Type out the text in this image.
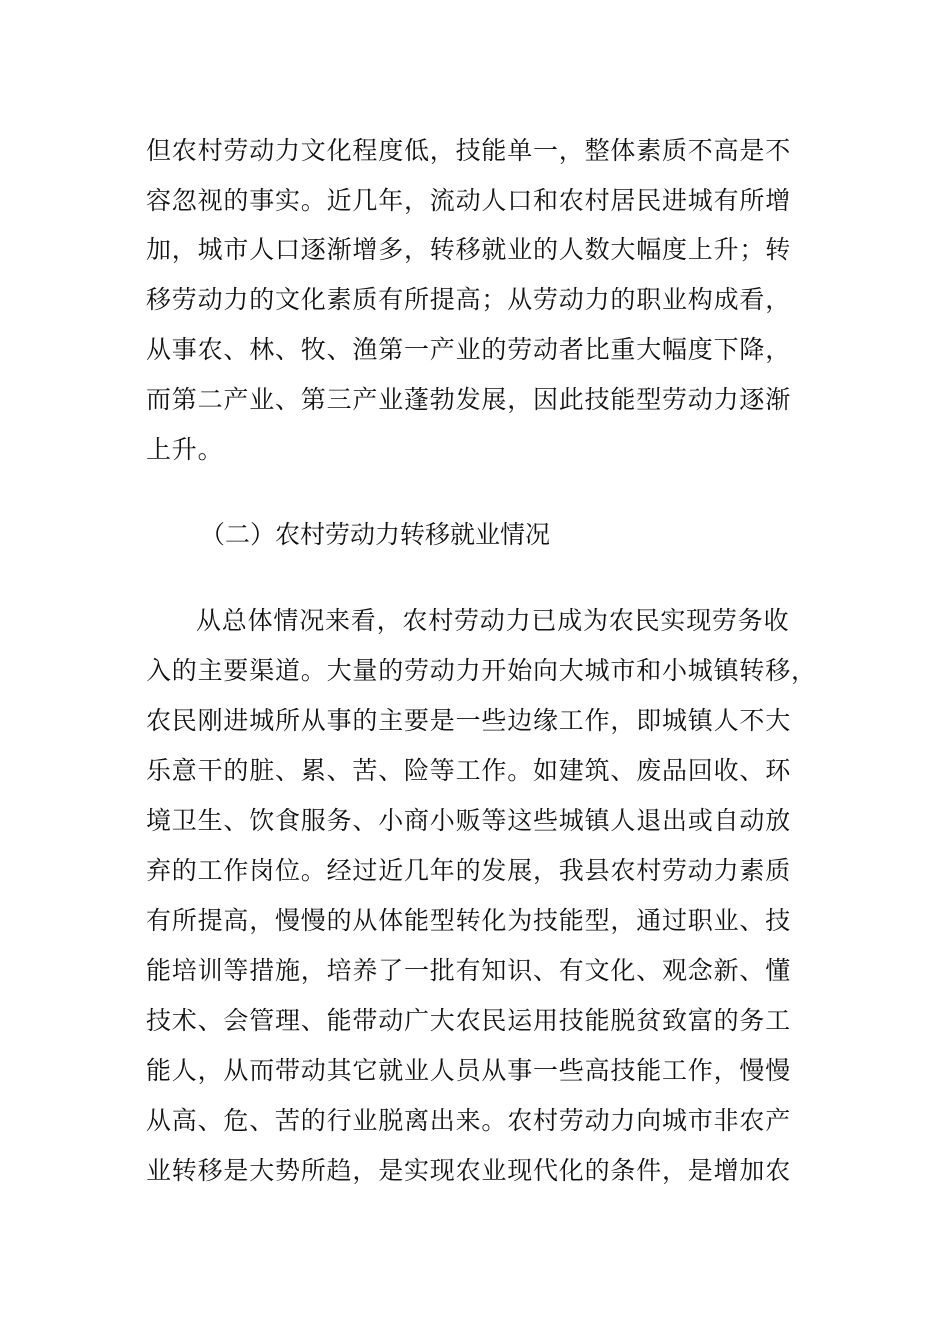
但农村劳动力文化程度低，技能单一，整体素质不高是不
容忽视的事实。近几年，流动人口和农村居民进城有所增
加，城市人口逐渐增多，转移就业的人数大幅度上升；转
移劳动力的文化素质有所提高；从劳动力的职业构成看，
从事农、林、牧、渔第一产业的劳动者比重大幅度下降，
而第二产业、第三产业蓬勃发展，因此技能型劳动力逐渐
上升。
（二）农村劳动力转移就业情况
从总体情况来看，农村劳动力已成为农民实现劳务收
入的主要渠道。大量的劳动力开始向大城市和小城镇转移，
农民刚进城所从事的主要是一些边缘工作，即城镇人不大
乐意干的脏、累、苦、险等工作。如建筑、废品回收、环
境卫生、饮食服务、小商小贩等这些城镇人退出或自动放
弃的工作岗位。经过近几年的发展，我县农村劳动力素质
有所提高，慢慢的从体能型转化为技能型，通过职业、技
能培训等措施，培养了一批有知识、有文化、观念新、懂
技术、会管理、能带动广大农民运用技能脱贫致富的务工
能人，从而带动其它就业人员从事一些高技能工作，慢慢
从高、危、苦的行业脱离出来。农村劳动力向城市非农产
业转移是大势所趋，是实现农业现代化的条件，是增加农
